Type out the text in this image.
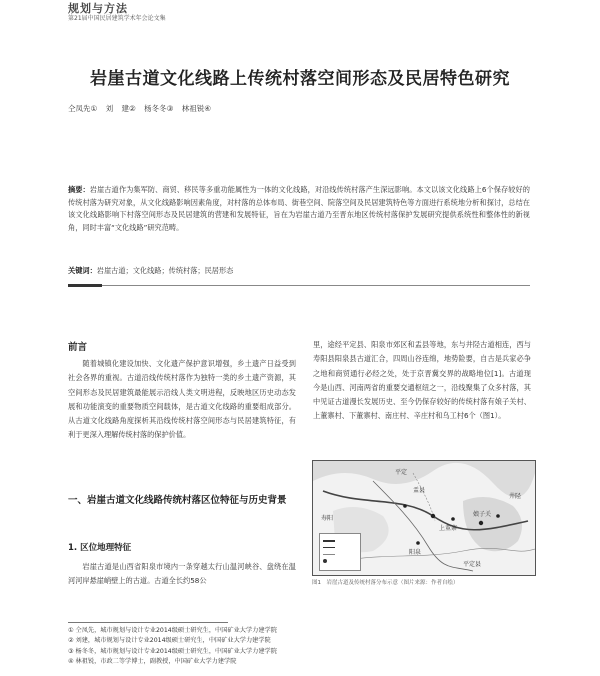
规划与方法
第21届中国民居建筑学术年会论文集
岩崖古道文化线路上传统村落空间形态及民居特色研究
仝凤先① 刘 建② 杨冬冬③ 林祖锐④
摘要：岩崖古道作为集军防、商贸、移民等多重功能属性为一体的文化线路，对沿线传统村落产生深远影响。本文以该文化线路上6个保存较好的传统村落为研究对象，从文化线路影响因素角度，对村落的总体布局、街巷空间、院落空间及民居建筑特色等方面进行系统地分析和探讨，总结在该文化线路影响下村落空间形态及民居建筑的营建和发展特征，旨在为岩崖古道乃至晋东地区传统村落保护发展研究提供系统性和整体性的新视角，同时丰富“文化线路”研究范畴。
关键词：岩崖古道；文化线路；传统村落；民居形态
前言

随着城镇化建设加快、文化遗产保护意识增强，乡土遗产日益受到社会各界的重视。古道沿线传统村落作为独特一类的乡土遗产资源，其空间形态及民居建筑最能展示沿线人类文明进程，反映地区历史动态发展和功能演变的重要物质空间载体，是古道文化线路的重要组成部分。从古道文化线路角度探析其沿线传统村落空间形态与民居建筑特征，有利于更深入理解传统村落的保护价值。

一、岩崖古道文化线路传统村落区位特征与历史背景
1. 区位地理特征

岩崖古道是山西省阳泉市境内一条穿越太行山温河峡谷、盘绕在温河河岸悬崖峭壁上的古道。古道全长约58公

里，途经平定县、阳泉市郊区和盂县等地，东与井陉古道相连，西与寿阳县阳泉县古道汇合，四周山谷连绵，地势险要，自古是兵家必争之地和商贸通行必经之处，处于京晋冀交界的战略地位[1]。古道现今是山西、河南两省的重要交通枢纽之一，沿线聚集了众多村落，其中见证古道漫长发展历史、至今仍保存较好的传统村落有娘子关村、上董寨村、下董寨村、南庄村、辛庄村和乌工村6个（图1）。

平定
井陉
寿阳
阳泉
娘子关
上董寨
盂县
平定县
图1　岩崖古道及传统村落分布示意（图片来源：作者自绘）
① 仝凤先，城市规划与设计专业2014级硕士研究生，中国矿业大学力建学院
② 刘建，城市规划与设计专业2014级硕士研究生，中国矿业大学力建学院
③ 杨冬冬，城市规划与设计专业2014级硕士研究生，中国矿业大学力建学院
④ 林祖锐，市政二等学博士，副教授，中国矿业大学力建学院
